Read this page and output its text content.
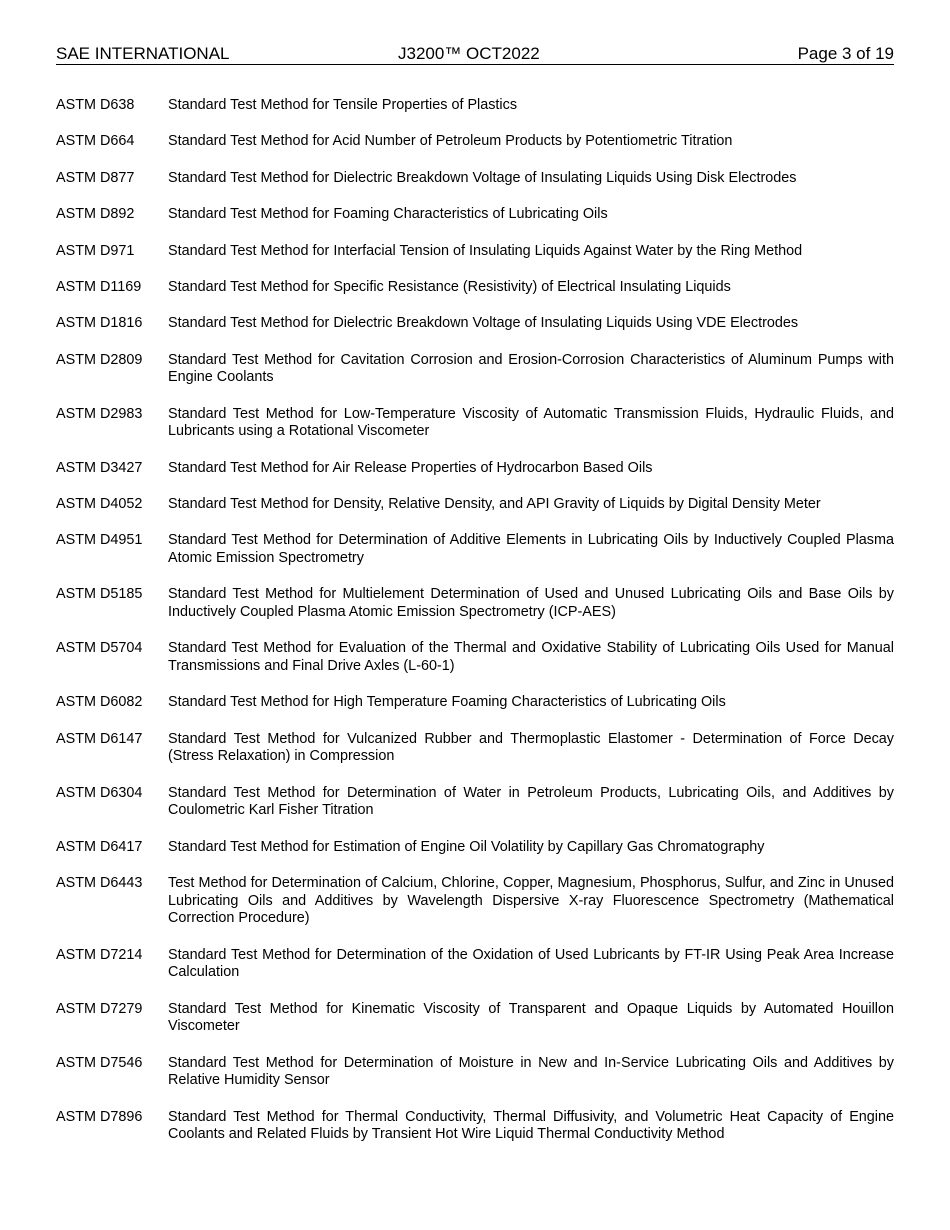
SAE INTERNATIONAL	J3200™ OCT2022	Page 3 of 19
ASTM D638	Standard Test Method for Tensile Properties of Plastics
ASTM D664	Standard Test Method for Acid Number of Petroleum Products by Potentiometric Titration
ASTM D877	Standard Test Method for Dielectric Breakdown Voltage of Insulating Liquids Using Disk Electrodes
ASTM D892	Standard Test Method for Foaming Characteristics of Lubricating Oils
ASTM D971	Standard Test Method for Interfacial Tension of Insulating Liquids Against Water by the Ring Method
ASTM D1169	Standard Test Method for Specific Resistance (Resistivity) of Electrical Insulating Liquids
ASTM D1816	Standard Test Method for Dielectric Breakdown Voltage of Insulating Liquids Using VDE Electrodes
ASTM D2809	Standard Test Method for Cavitation Corrosion and Erosion-Corrosion Characteristics of Aluminum Pumps with Engine Coolants
ASTM D2983	Standard Test Method for Low-Temperature Viscosity of Automatic Transmission Fluids, Hydraulic Fluids, and Lubricants using a Rotational Viscometer
ASTM D3427	Standard Test Method for Air Release Properties of Hydrocarbon Based Oils
ASTM D4052	Standard Test Method for Density, Relative Density, and API Gravity of Liquids by Digital Density Meter
ASTM D4951	Standard Test Method for Determination of Additive Elements in Lubricating Oils by Inductively Coupled Plasma Atomic Emission Spectrometry
ASTM D5185	Standard Test Method for Multielement Determination of Used and Unused Lubricating Oils and Base Oils by Inductively Coupled Plasma Atomic Emission Spectrometry (ICP-AES)
ASTM D5704	Standard Test Method for Evaluation of the Thermal and Oxidative Stability of Lubricating Oils Used for Manual Transmissions and Final Drive Axles (L-60-1)
ASTM D6082	Standard Test Method for High Temperature Foaming Characteristics of Lubricating Oils
ASTM D6147	Standard Test Method for Vulcanized Rubber and Thermoplastic Elastomer - Determination of Force Decay (Stress Relaxation) in Compression
ASTM D6304	Standard Test Method for Determination of Water in Petroleum Products, Lubricating Oils, and Additives by Coulometric Karl Fisher Titration
ASTM D6417	Standard Test Method for Estimation of Engine Oil Volatility by Capillary Gas Chromatography
ASTM D6443	Test Method for Determination of Calcium, Chlorine, Copper, Magnesium, Phosphorus, Sulfur, and Zinc in Unused Lubricating Oils and Additives by Wavelength Dispersive X-ray Fluorescence Spectrometry (Mathematical Correction Procedure)
ASTM D7214	Standard Test Method for Determination of the Oxidation of Used Lubricants by FT-IR Using Peak Area Increase Calculation
ASTM D7279	Standard Test Method for Kinematic Viscosity of Transparent and Opaque Liquids by Automated Houillon Viscometer
ASTM D7546	Standard Test Method for Determination of Moisture in New and In-Service Lubricating Oils and Additives by Relative Humidity Sensor
ASTM D7896	Standard Test Method for Thermal Conductivity, Thermal Diffusivity, and Volumetric Heat Capacity of Engine Coolants and Related Fluids by Transient Hot Wire Liquid Thermal Conductivity Method
